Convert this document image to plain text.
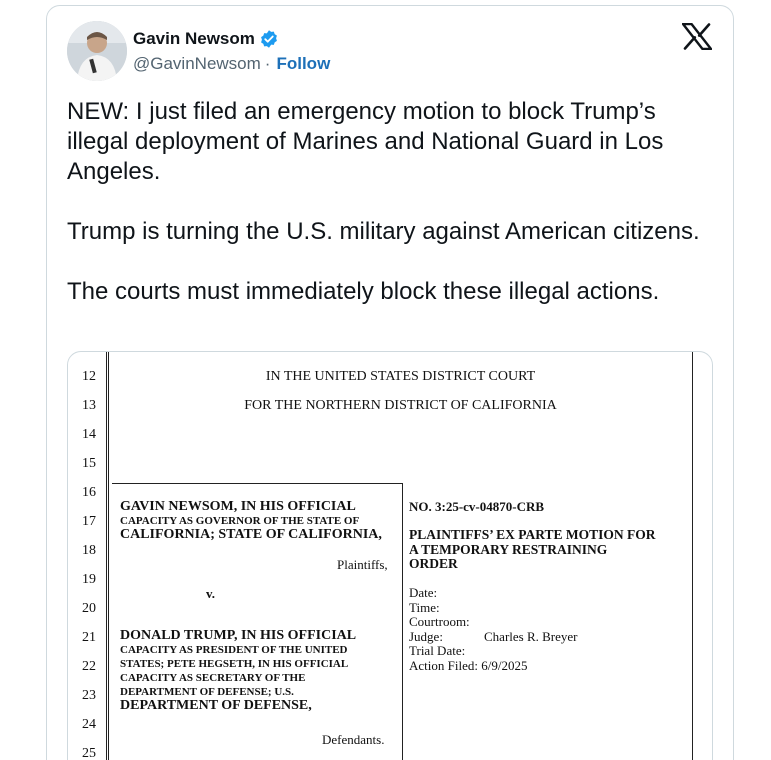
Gavin Newsom
@GavinNewsom · Follow

NEW: I just filed an emergency motion to block Trump’s illegal deployment of Marines and National Guard in Los Angeles.

Trump is turning the U.S. military against American citizens.

The courts must immediately block these illegal actions.

12
13
14
15
16
17
18
19
20
21
22
23
24
25
IN THE UNITED STATES DISTRICT COURT
FOR THE NORTHERN DISTRICT OF CALIFORNIA
GAVIN NEWSOM, IN HIS OFFICIAL
CAPACITY AS GOVERNOR OF THE STATE OF
CALIFORNIA; STATE OF CALIFORNIA,
Plaintiffs,
v.
DONALD TRUMP, IN HIS OFFICIAL
CAPACITY AS PRESIDENT OF THE UNITED
STATES; PETE HEGSETH, IN HIS OFFICIAL
CAPACITY AS SECRETARY OF THE
DEPARTMENT OF DEFENSE; U.S.
DEPARTMENT OF DEFENSE,
Defendants.
NO. 3:25-cv-04870-CRB
PLAINTIFFS’ EX PARTE MOTION FOR
A TEMPORARY RESTRAINING
ORDER
Date:
Time:
Courtroom:
Judge:	Charles R. Breyer
Trial Date:
Action Filed:
6/9/2025
